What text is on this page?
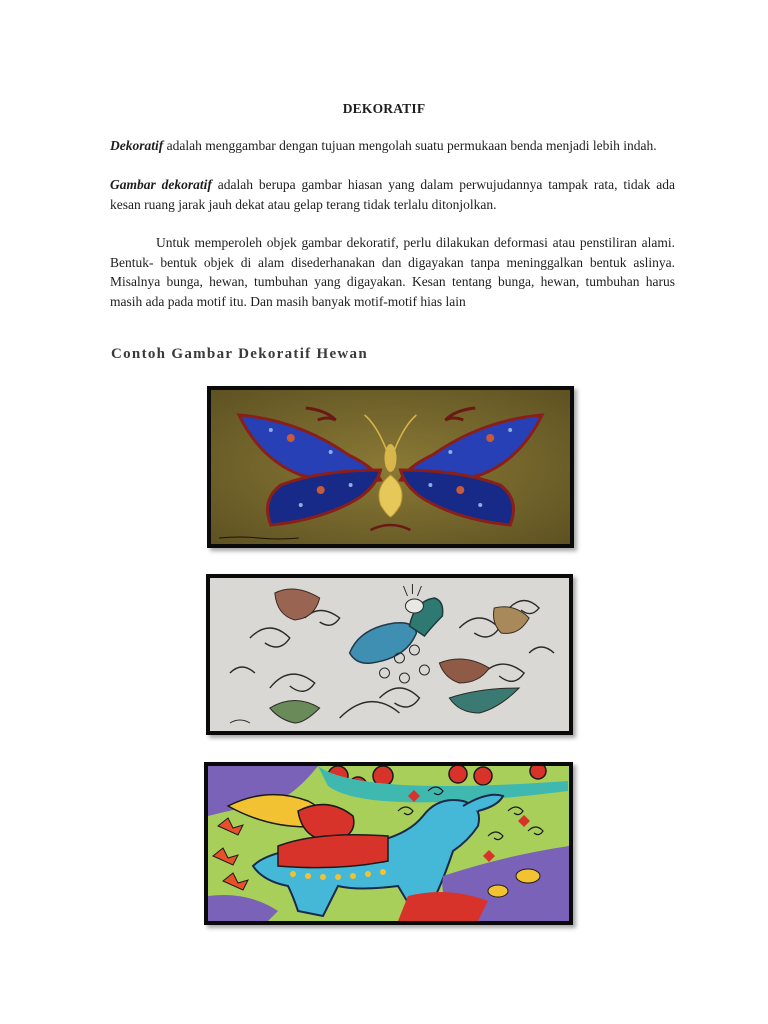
DEKORATIF

Dekoratif adalah menggambar dengan tujuan mengolah suatu permukaan benda menjadi lebih indah.

Gambar dekoratif adalah berupa gambar hiasan yang dalam perwujudannya tampak rata, tidak ada kesan ruang jarak jauh dekat atau gelap terang tidak terlalu ditonjolkan.

Untuk memperoleh objek gambar dekoratif, perlu dilakukan deformasi atau penstiliran alami. Bentuk- bentuk objek di alam disederhanakan dan digayakan tanpa meninggalkan bentuk aslinya. Misalnya bunga, hewan, tumbuhan yang digayakan. Kesan tentang bunga, hewan, tumbuhan harus masih ada pada motif itu. Dan masih banyak motif-motif hias lain

Contoh Gambar Dekoratif Hewan
